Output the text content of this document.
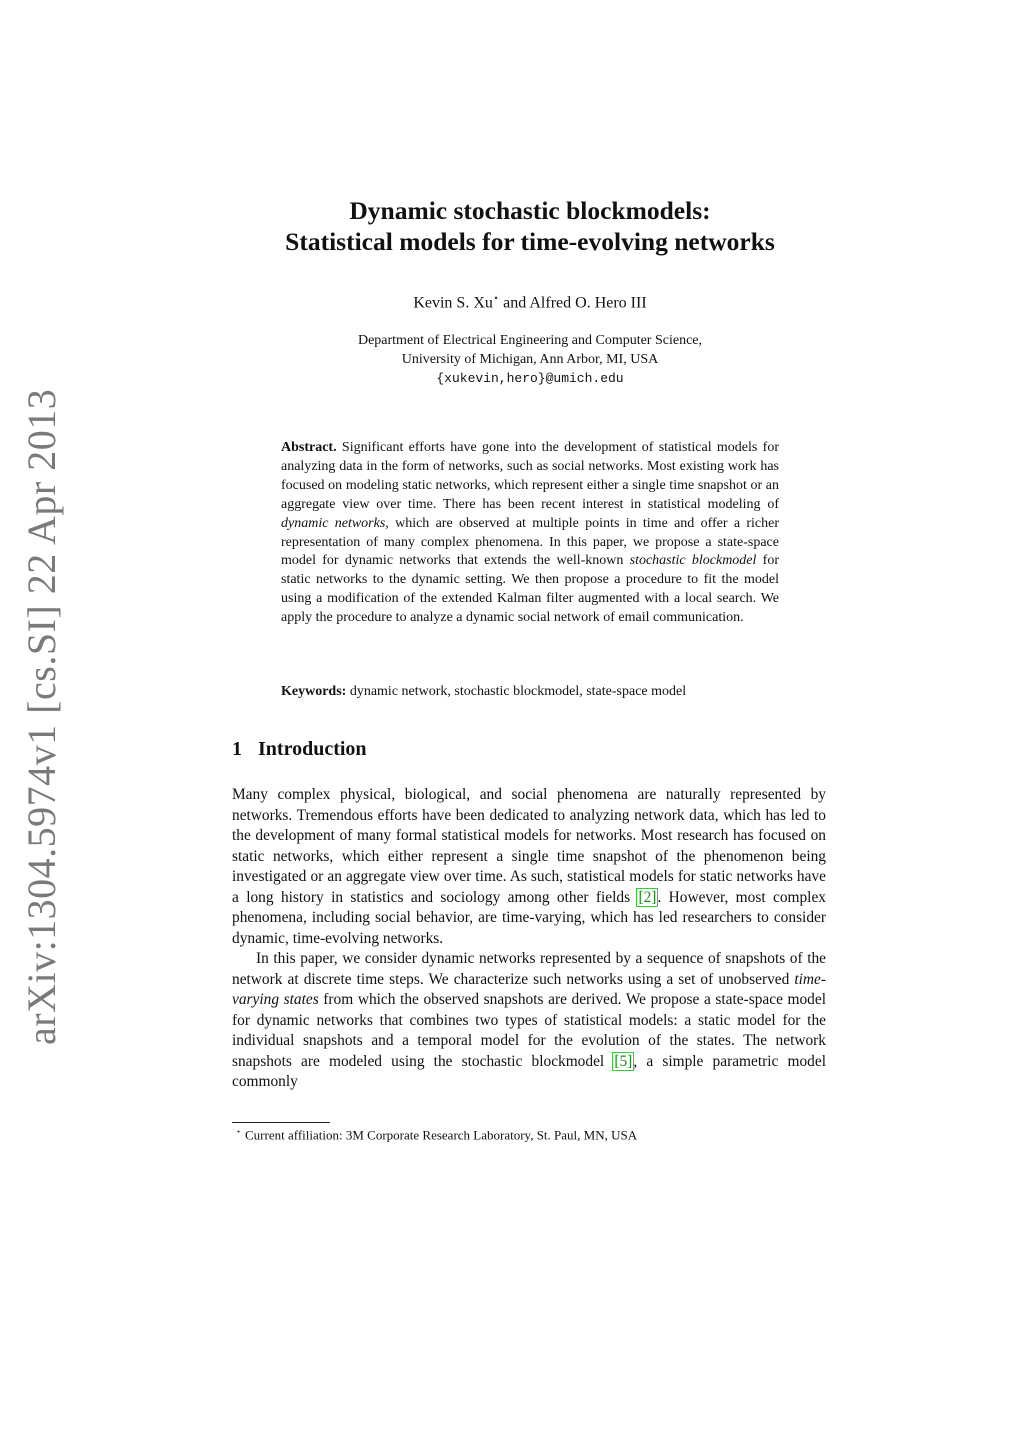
arXiv:1304.5974v1 [cs.SI] 22 Apr 2013
Dynamic stochastic blockmodels:
Statistical models for time-evolving networks
Kevin S. Xu⋆ and Alfred O. Hero III
Department of Electrical Engineering and Computer Science,
University of Michigan, Ann Arbor, MI, USA
{xukevin,hero}@umich.edu
Abstract. Significant efforts have gone into the development of statistical models for analyzing data in the form of networks, such as social networks. Most existing work has focused on modeling static networks, which represent either a single time snapshot or an aggregate view over time. There has been recent interest in statistical modeling of dynamic networks, which are observed at multiple points in time and offer a richer representation of many complex phenomena. In this paper, we propose a state-space model for dynamic networks that extends the well-known stochastic blockmodel for static networks to the dynamic setting. We then propose a procedure to fit the model using a modification of the extended Kalman filter augmented with a local search. We apply the procedure to analyze a dynamic social network of email communication.
Keywords: dynamic network, stochastic blockmodel, state-space model
1 Introduction

Many complex physical, biological, and social phenomena are naturally represented by networks. Tremendous efforts have been dedicated to analyzing network data, which has led to the development of many formal statistical models for networks. Most research has focused on static networks, which either represent a single time snapshot of the phenomenon being investigated or an aggregate view over time. As such, statistical models for static networks have a long history in statistics and sociology among other fields [2]. However, most complex phenomena, including social behavior, are time-varying, which has led researchers to consider dynamic, time-evolving networks.

In this paper, we consider dynamic networks represented by a sequence of snapshots of the network at discrete time steps. We characterize such networks using a set of unobserved time-varying states from which the observed snapshots are derived. We propose a state-space model for dynamic networks that combines two types of statistical models: a static model for the individual snapshots and a temporal model for the evolution of the states. The network snapshots are modeled using the stochastic blockmodel [5], a simple parametric model commonly

⋆ Current affiliation: 3M Corporate Research Laboratory, St. Paul, MN, USA
